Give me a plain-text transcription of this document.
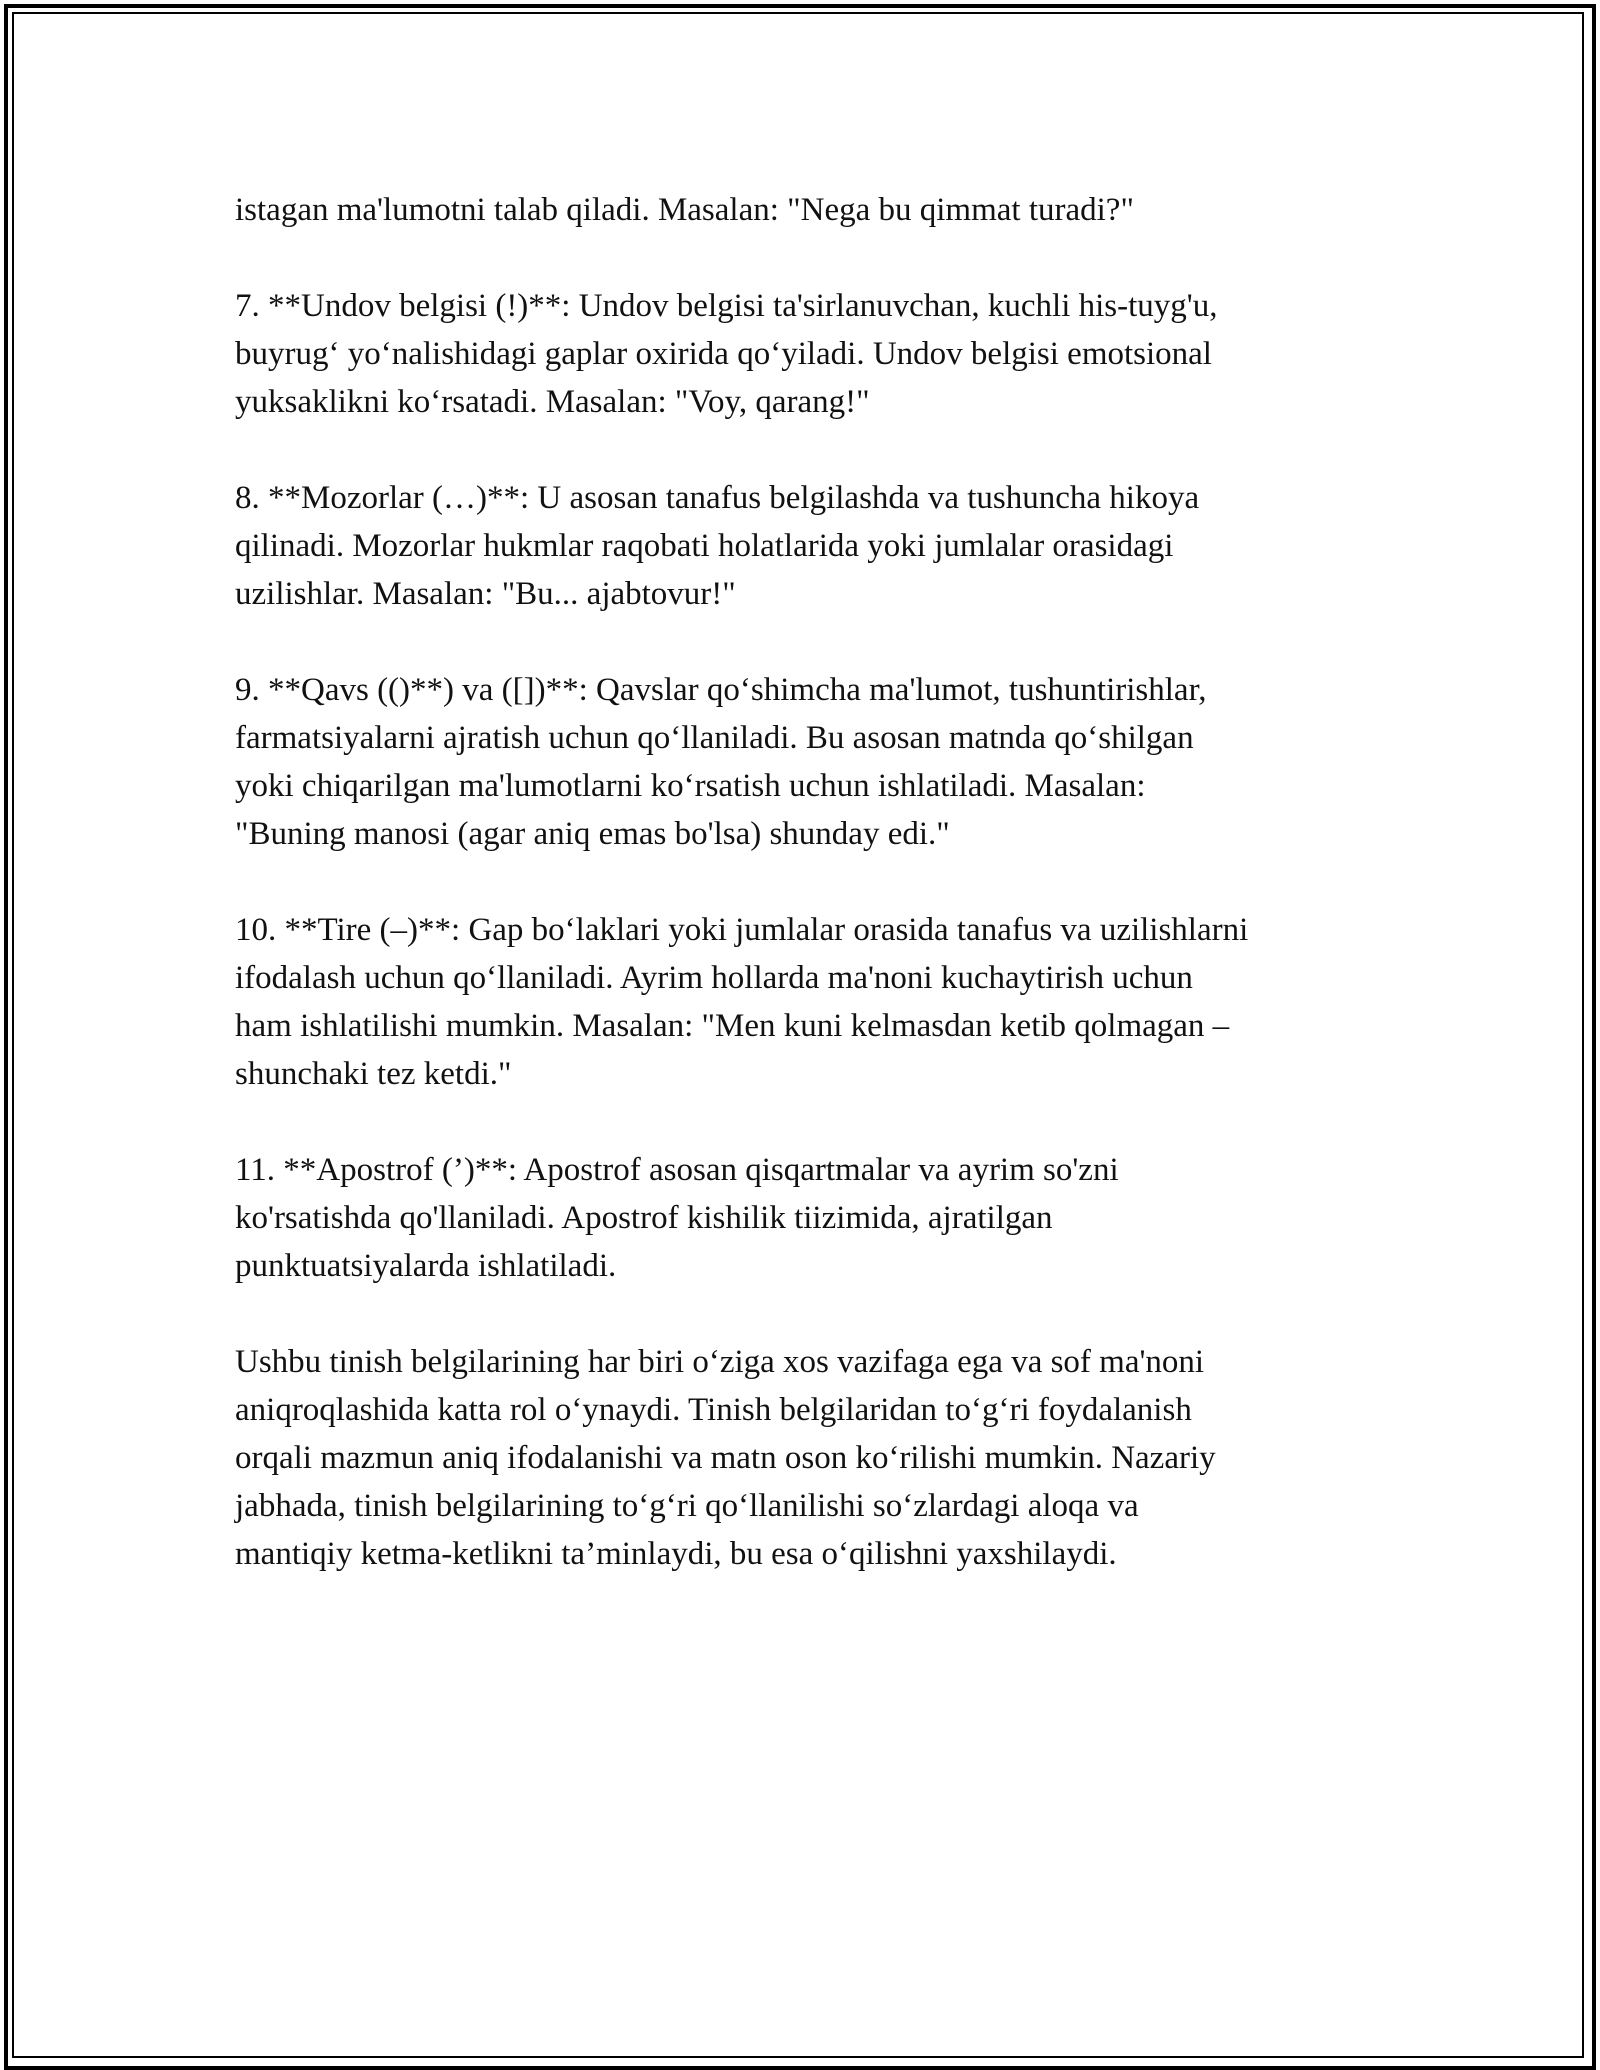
istagan ma'lumotni talab qiladi. Masalan: "Nega bu qimmat turadi?"

7. **Undov belgisi (!)**: Undov belgisi ta'sirlanuvchan, kuchli his-tuyg'u,
buyrug‘ yo‘nalishidagi gaplar oxirida qo‘yiladi. Undov belgisi emotsional
yuksaklikni ko‘rsatadi. Masalan: "Voy, qarang!"

8. **Mozorlar (…)**: U asosan tanafus belgilashda va tushuncha hikoya
qilinadi. Mozorlar hukmlar raqobati holatlarida yoki jumlalar orasidagi
uzilishlar. Masalan: "Bu... ajabtovur!"

9. **Qavs (()**) va ([])**: Qavslar qo‘shimcha ma'lumot, tushuntirishlar,
farmatsiyalarni ajratish uchun qo‘llaniladi. Bu asosan matnda qo‘shilgan
yoki chiqarilgan ma'lumotlarni ko‘rsatish uchun ishlatiladi. Masalan:
"Buning manosi (agar aniq emas bo'lsa) shunday edi."

10. **Tire (–)**: Gap bo‘laklari yoki jumlalar orasida tanafus va uzilishlarni
ifodalash uchun qo‘llaniladi. Ayrim hollarda ma'noni kuchaytirish uchun
ham ishlatilishi mumkin. Masalan: "Men kuni kelmasdan ketib qolmagan –
shunchaki tez ketdi."

11. **Apostrof (’)**: Apostrof asosan qisqartmalar va ayrim so'zni
ko'rsatishda qo'llaniladi. Apostrof kishilik tiizimida, ajratilgan
punktuatsiyalarda ishlatiladi.

Ushbu tinish belgilarining har biri o‘ziga xos vazifaga ega va sof ma'noni
aniqroqlashida katta rol o‘ynaydi. Tinish belgilaridan to‘g‘ri foydalanish
orqali mazmun aniq ifodalanishi va matn oson ko‘rilishi mumkin. Nazariy
jabhada, tinish belgilarining to‘g‘ri qo‘llanilishi so‘zlardagi aloqa va
mantiqiy ketma-ketlikni ta’minlaydi, bu esa o‘qilishni yaxshilaydi.
